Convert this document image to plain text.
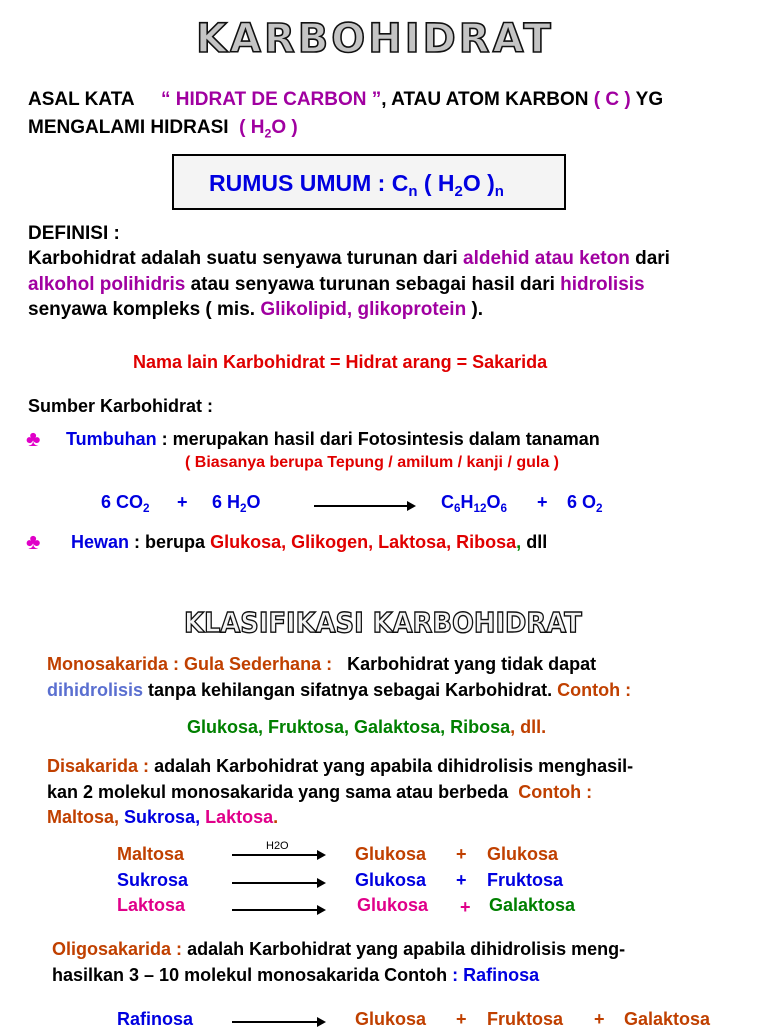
KARBOHIDRAT
ASAL KATA “ HIDRAT DE CARBON ”, ATAU ATOM KARBON ( C ) YG
MENGALAMI HIDRASI ( $H_2O$ )
RUMUS UMUM : $C_n$ ( $H_2O$ )$_n$
DEFINISI :
Karbohidrat adalah suatu senyawa turunan dari aldehid atau keton dari
alkohol polihidris atau senyawa turunan sebagai hasil dari hidrolisis
senyawa kompleks ( mis. Glikolipid, glikoprotein ).
Nama lain Karbohidrat = Hidrat arang = Sakarida
Sumber Karbohidrat :
♣ Tumbuhan : merupakan hasil dari Fotosintesis dalam tanaman
( Biasanya berupa Tepung / amilum / kanji / gula )
6 $CO_2 + 6$ $H_2O$	$C_6H_{12}O_6 + 6$ $O_2$
♣ Hewan : berupa Glukosa, Glikogen, Laktosa, Ribosa, dll
KLASIFIKASI KARBOHIDRAT
Monosakarida : Gula Sederhana : Karbohidrat yang tidak dapat
dihidrolisis tanpa kehilangan sifatnya sebagai Karbohidrat. Contoh :
Glukosa, Fruktosa, Galaktosa, Ribosa, dll.
Disakarida : adalah Karbohidrat yang apabila dihidrolisis menghasil-
kan 2 molekul monosakarida yang sama atau berbeda Contoh :
Maltosa, Sukrosa, Laktosa.
H2O
Maltosa	Glukosa + Glukosa
Sukrosa	Glukosa + Fruktosa
Laktosa	Glukosa + Galaktosa
Oligosakarida : adalah Karbohidrat yang apabila dihidrolisis meng-
hasilkan 3 – 10 molekul monosakarida Contoh : Rafinosa
Rafinosa	Glukosa + Fruktosa + Galaktosa
